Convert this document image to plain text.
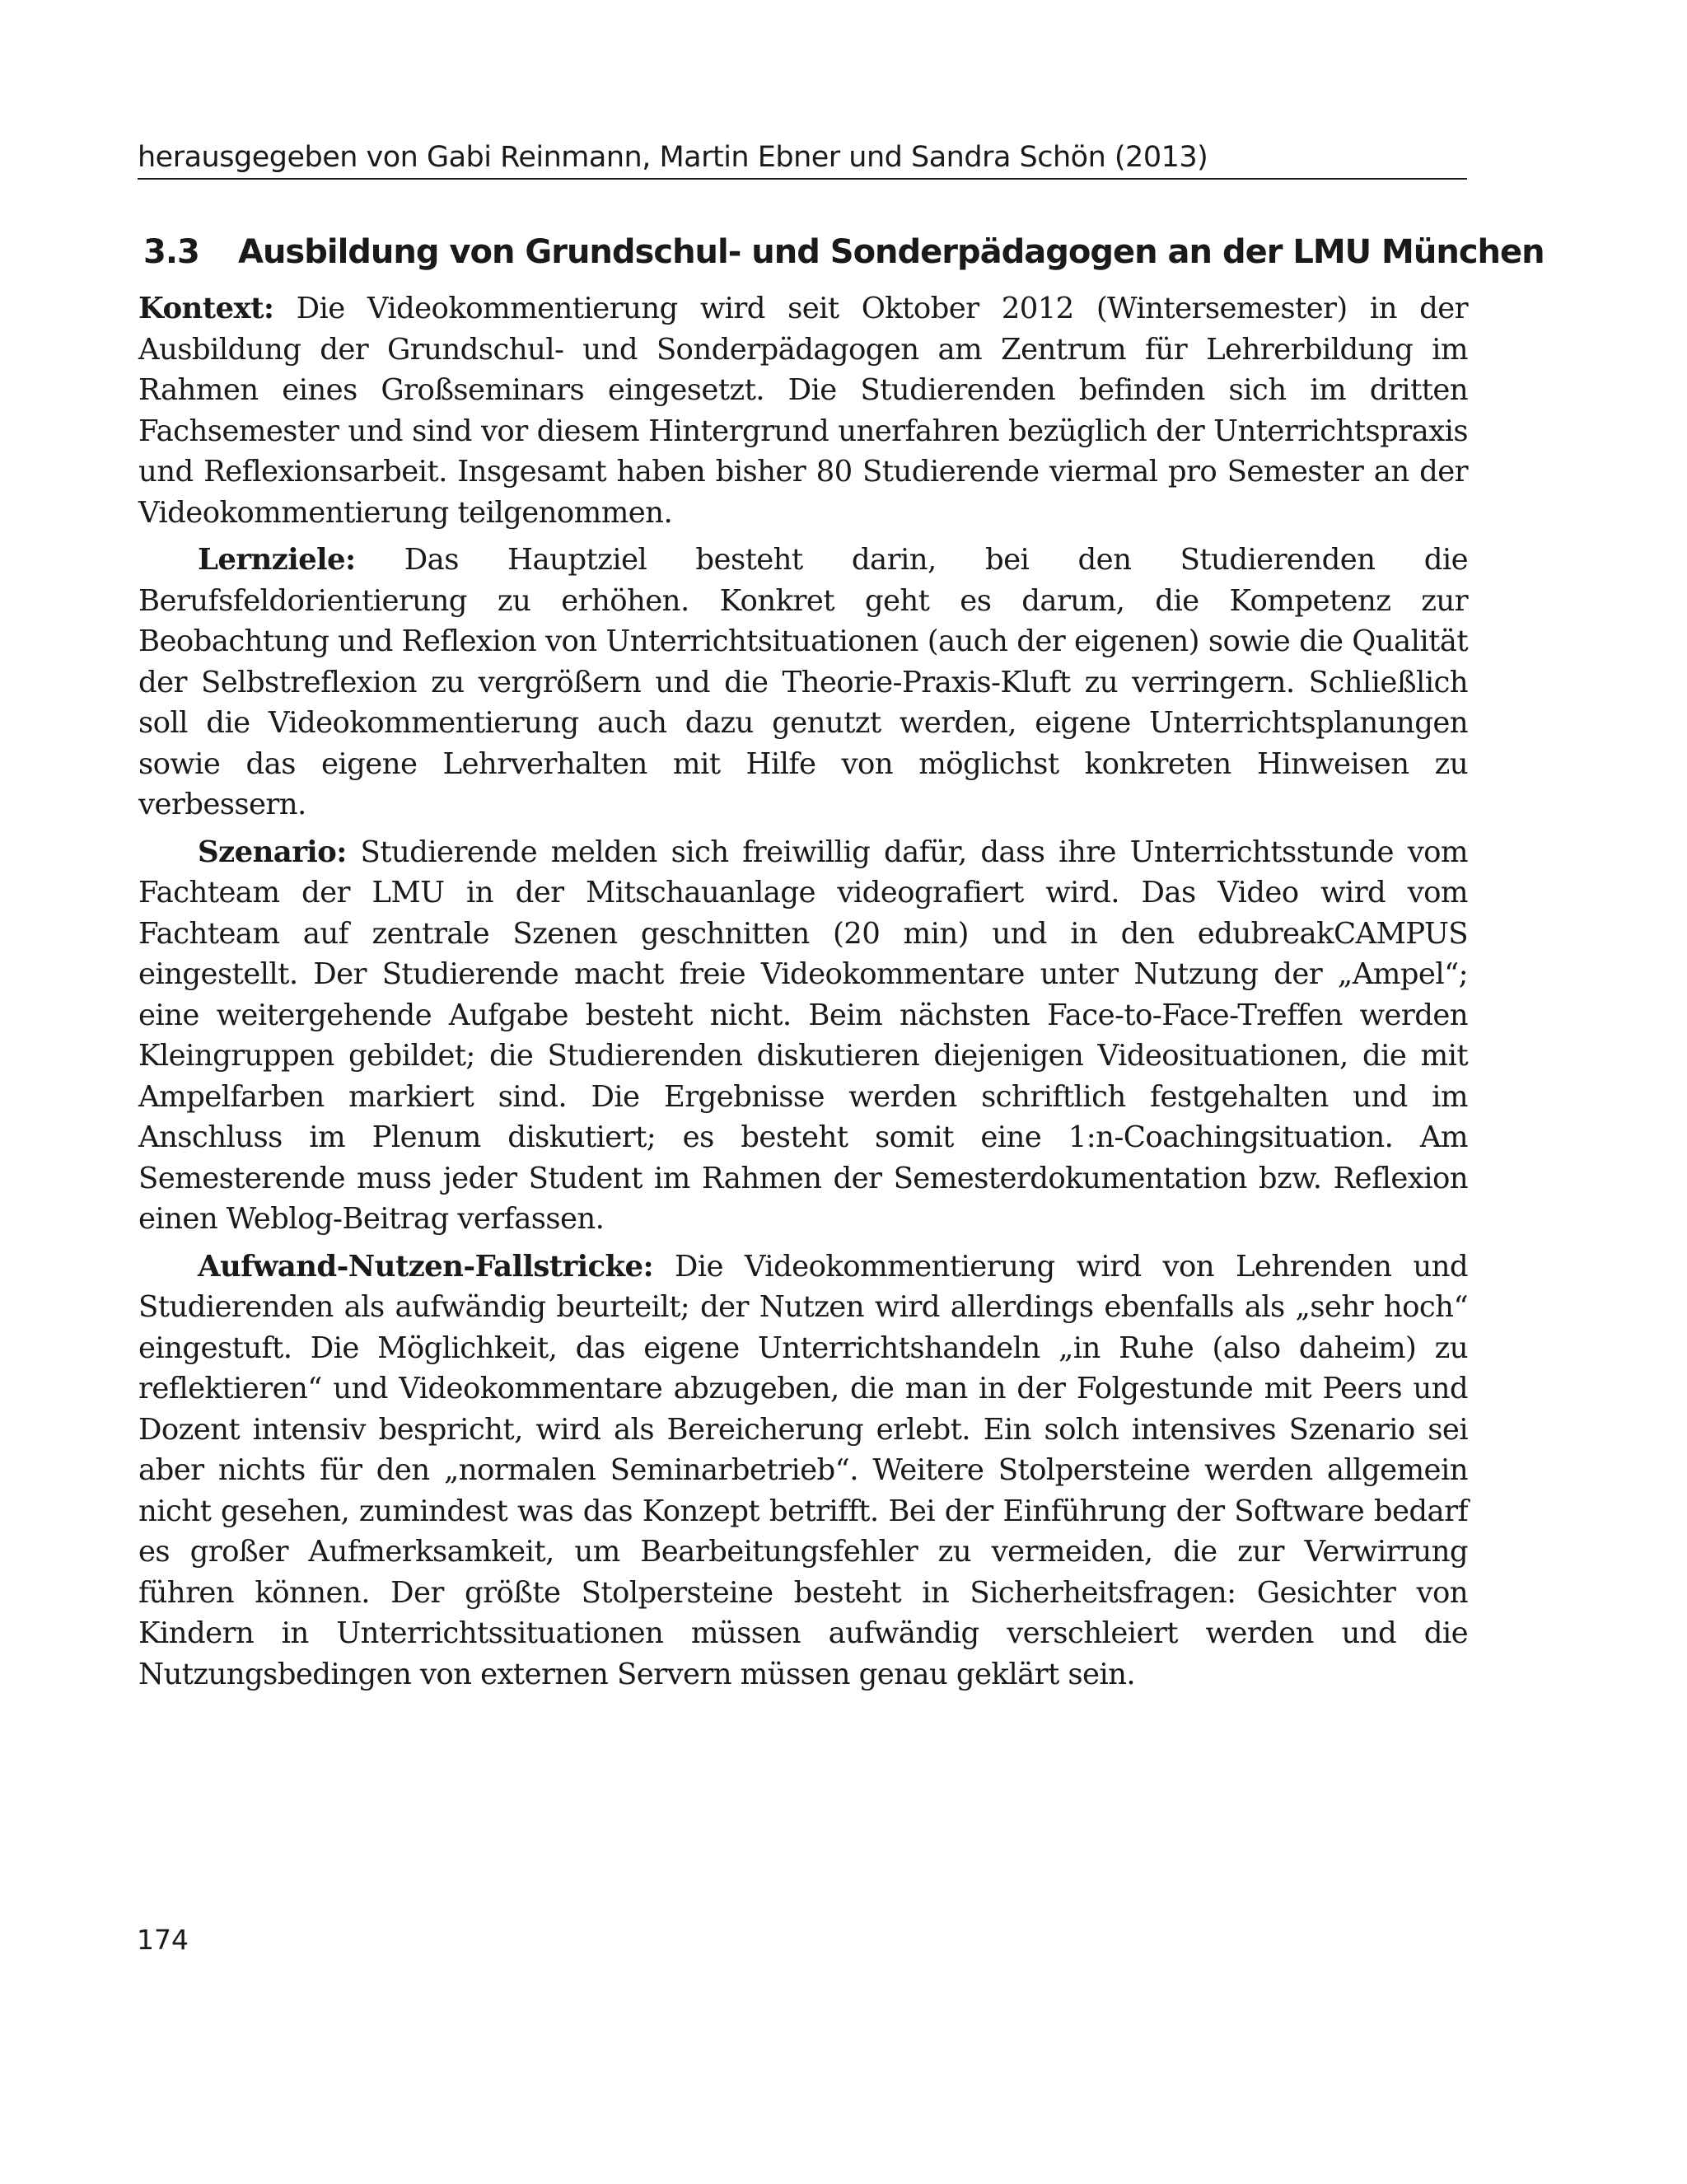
herausgegeben von Gabi Reinmann, Martin Ebner und Sandra Schön (2013)
3.3 Ausbildung von Grundschul- und Sonderpädagogen an der LMU München

Kontext: Die Videokommentierung wird seit Oktober 2012 (Wintersemester) in der Ausbildung der Grundschul- und Sonderpädagogen am Zentrum für Lehrerbildung im Rahmen eines Großseminars eingesetzt. Die Studierenden befinden sich im dritten Fachsemester und sind vor diesem Hintergrund unerfahren bezüglich der Unterrichtspraxis und Reflexionsarbeit. Insgesamt haben bisher 80 Studierende viermal pro Semester an der Videokommentierung teilgenommen.

Lernziele: Das Hauptziel besteht darin, bei den Studierenden die Berufsfeldorientierung zu erhöhen. Konkret geht es darum, die Kompetenz zur Beobachtung und Reflexion von Unterrichtsituationen (auch der eigenen) sowie die Qualität der Selbstreflexion zu vergrößern und die Theorie-Praxis-Kluft zu verringern. Schließlich soll die Videokommentierung auch dazu genutzt werden, eigene Unterrichtsplanungen sowie das eigene Lehrverhalten mit Hilfe von möglichst konkreten Hinweisen zu verbessern.

Szenario: Studierende melden sich freiwillig dafür, dass ihre Unterrichtsstunde vom Fachteam der LMU in der Mitschauanlage videografiert wird. Das Video wird vom Fachteam auf zentrale Szenen geschnitten (20 min) und in den edubreakCAMPUS eingestellt. Der Studierende macht freie Videokommentare unter Nutzung der „Ampel“; eine weitergehende Aufgabe besteht nicht. Beim nächsten Face-to-Face-Treffen werden Kleingruppen gebildet; die Studierenden diskutieren diejenigen Videosituationen, die mit Ampelfarben markiert sind. Die Ergebnisse werden schriftlich festgehalten und im Anschluss im Plenum diskutiert; es besteht somit eine 1:n-Coachingsituation. Am Semesterende muss jeder Student im Rahmen der Semesterdokumentation bzw. Reflexion einen Weblog-Beitrag verfassen.

Aufwand-Nutzen-Fallstricke: Die Videokommentierung wird von Lehrenden und Studierenden als aufwändig beurteilt; der Nutzen wird allerdings ebenfalls als „sehr hoch“ eingestuft. Die Möglichkeit, das eigene Unterrichtshandeln „in Ruhe (also daheim) zu reflektieren“ und Videokommentare abzugeben, die man in der Folgestunde mit Peers und Dozent intensiv bespricht, wird als Bereicherung erlebt. Ein solch intensives Szenario sei aber nichts für den „normalen Seminarbetrieb“. Weitere Stolpersteine werden allgemein nicht gesehen, zumindest was das Konzept betrifft. Bei der Einführung der Software bedarf es großer Aufmerksamkeit, um Bearbeitungsfehler zu vermeiden, die zur Verwirrung führen können. Der größte Stolpersteine besteht in Sicherheitsfragen: Gesichter von Kindern in Unterrichtssituationen müssen aufwändig verschleiert werden und die Nutzungsbedingen von externen Servern müssen genau geklärt sein.

174
